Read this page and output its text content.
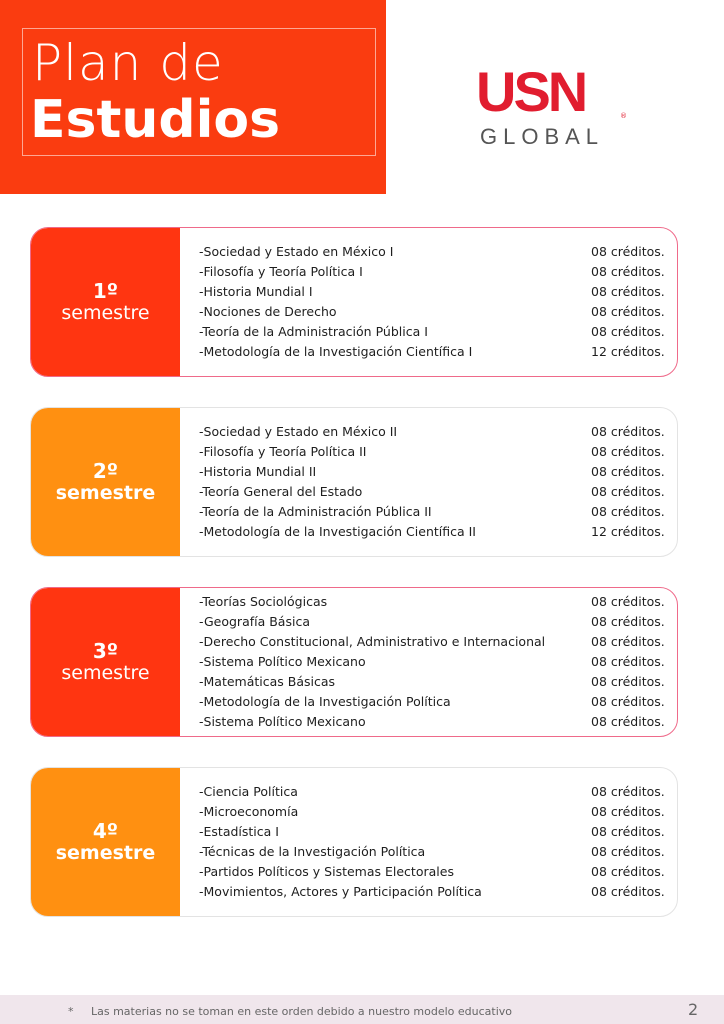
Plan de
Estudios	USN	®
GLOBAL
1º
semestre
-Sociedad y Estado en México I	08 créditos.
-Filosofía y Teoría Política I	08 créditos.
-Historia Mundial I	08 créditos.
-Nociones de Derecho	08 créditos.
-Teoría de la Administración Pública I	08 créditos.
-Metodología de la Investigación Científica I	12 créditos.
2º
semestre
-Sociedad y Estado en México II	08 créditos.
-Filosofía y Teoría Política II	08 créditos.
-Historia Mundial II	08 créditos.
-Teoría General del Estado	08 créditos.
-Teoría de la Administración Pública II	08 créditos.
-Metodología de la Investigación Científica II	12 créditos.
3º
semestre
-Teorías Sociológicas	08 créditos.
-Geografía Básica	08 créditos.
-Derecho Constitucional, Administrativo e Internacional	08 créditos.
-Sistema Político Mexicano	08 créditos.
-Matemáticas Básicas	08 créditos.
-Metodología de la Investigación Política	08 créditos.
-Sistema Político Mexicano	08 créditos.
4º
semestre
-Ciencia Política	08 créditos.
-Microeconomía	08 créditos.
-Estadística I	08 créditos.
-Técnicas de la Investigación Política	08 créditos.
-Partidos Políticos y Sistemas Electorales	08 créditos.
-Movimientos, Actores y Participación Política	08 créditos.
* Las materias no se toman en este orden debido a nuestro modelo educativo	2
